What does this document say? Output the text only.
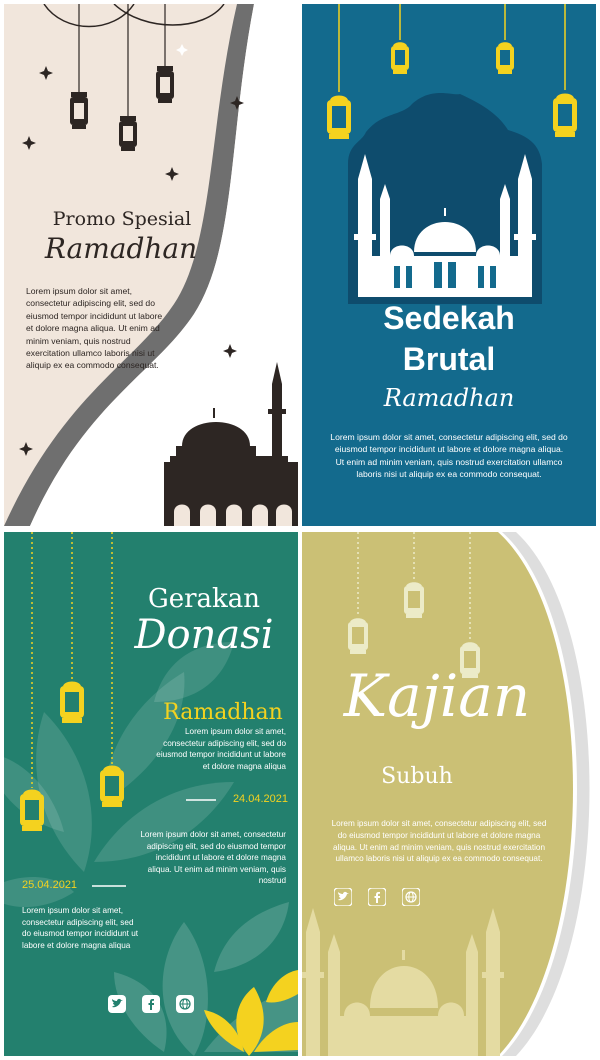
Promo Spesial
Ramadhan
Lorem ipsum dolor sit amet, consectetur adipiscing elit, sed do eiusmod tempor incididunt ut labore et dolore magna aliqua. Ut enim ad minim veniam, quis nostrud exercitation ullamco laboris nisi ut aliquip ex ea commodo consequat.
Sedekah
Brutal
Ramadhan
Lorem ipsum dolor sit amet, consectetur adipiscing elit, sed do eiusmod tempor incididunt ut labore et dolore magna aliqua. Ut enim ad minim veniam, quis nostrud exercitation ullamco laboris nisi ut aliquip ex ea commodo consequat.
Gerakan
Donasi
Ramadhan
Lorem ipsum dolor sit amet, consectetur adipiscing elit, sed do eiusmod tempor incididunt ut labore et dolore magna aliqua
24.04.2021
Lorem ipsum dolor sit amet, consectetur adipiscing elit, sed do eiusmod tempor incididunt ut labore et dolore magna aliqua. Ut enim ad minim veniam, quis nostrud
25.04.2021
Lorem ipsum dolor sit amet, consectetur adipiscing elit, sed do eiusmod tempor incididunt ut labore et dolore magna aliqua
Kajian
Subuh
Lorem ipsum dolor sit amet, consectetur adipiscing elit, sed do eiusmod tempor incididunt ut labore et dolore magna aliqua. Ut enim ad minim veniam, quis nostrud exercitation ullamco laboris nisi ut aliquip ex ea commodo consequat.
